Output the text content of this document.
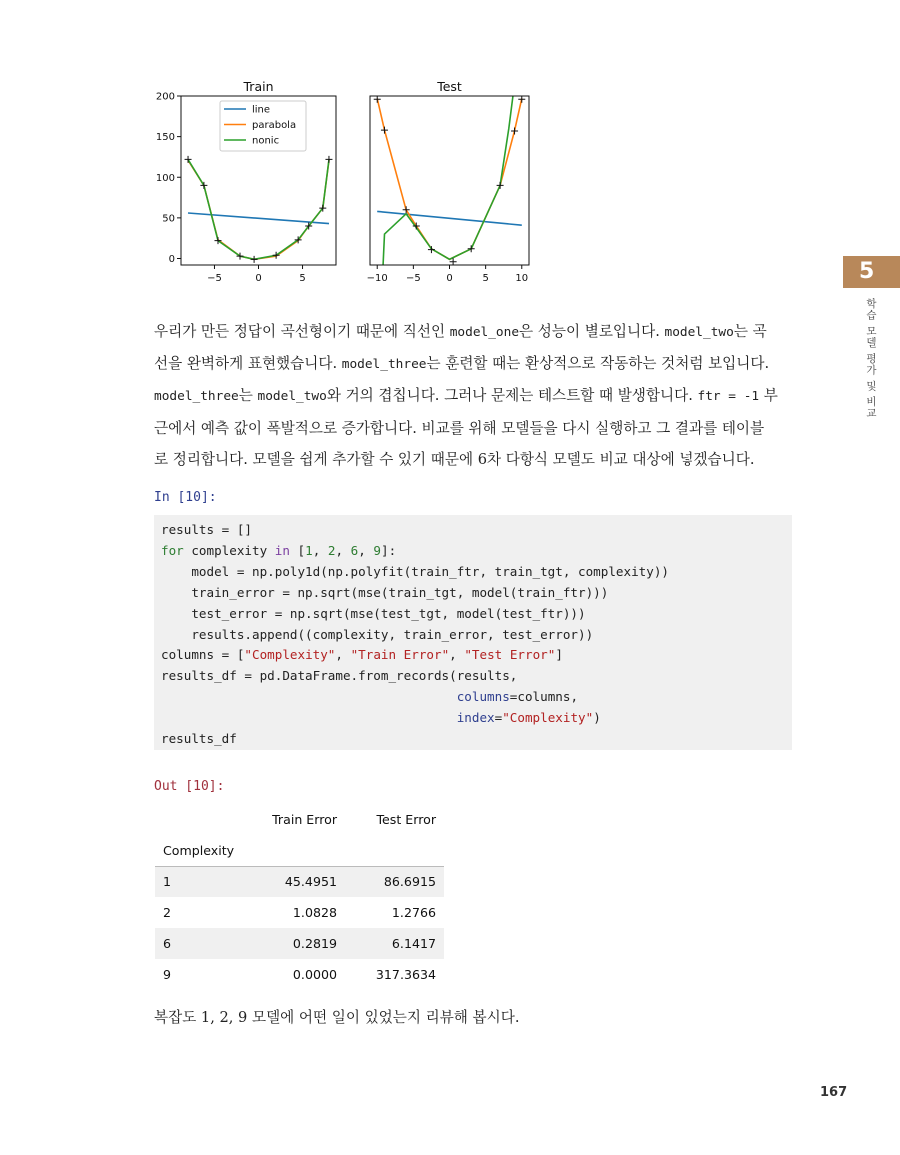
Train
−5	0	5
200
150
100
50
0
line
parabola
nonic
Test
−10 −5	0	5	10	5
학습 모델 평가 및 비교
우리가 만든 정답이 곡선형이기 때문에 직선인 model_one은 성능이 별로입니다. model_two는 곡
선을 완벽하게 표현했습니다. model_three는 훈련할 때는 환상적으로 작동하는 것처럼 보입니다.
model_three는 model_two와 거의 겹칩니다. 그러나 문제는 테스트할 때 발생합니다. ftr = -1 부
근에서 예측 값이 폭발적으로 증가합니다. 비교를 위해 모델들을 다시 실행하고 그 결과를 테이블
로 정리합니다. 모델을 쉽게 추가할 수 있기 때문에 6차 다항식 모델도 비교 대상에 넣겠습니다.
In [10]:
results = []
for complexity in [1, 2, 6, 9]:
model = np.poly1d(np.polyfit(train_ftr, train_tgt, complexity))
train_error = np.sqrt(mse(train_tgt, model(train_ftr)))
test_error = np.sqrt(mse(test_tgt, model(test_ftr)))
results.append((complexity, train_error, test_error))
columns = ["Complexity", "Train Error", "Test Error"]
results_df = pd.DataFrame.from_records(results,
columns=columns,
index="Complexity")
results_df
Out [10]:
	Train Error	Test Error
Complexity		
1	45.4951	86.6915
2	1.0828	1.2766
6	0.2819	6.1417
9	0.0000	317.3634

복잡도 1, 2, 9 모델에 어떤 일이 있었는지 리뷰해 봅시다.

167
